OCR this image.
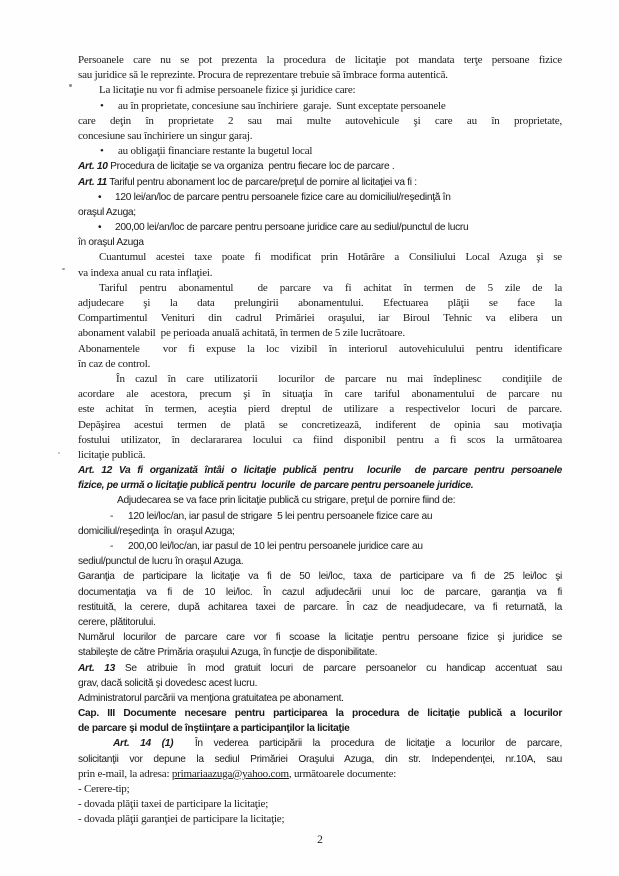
Persoanele care nu se pot prezenta la procedura de licitaţie pot mandata terţe persoane fizice
sau juridice să le reprezinte. Procura de reprezentare trebuie să îmbrace forma autentică.
La licitaţie nu vor fi admise persoanele fizice şi juridice care:
• au în proprietate, concesiune sau închiriere  garaje.  Sunt exceptate persoanele
care deţin în proprietate 2 sau mai multe autovehicule şi care au în proprietate,
concesiune sau închiriere un singur garaj.
• au obligaţii financiare restante la bugetul local
Art. 10 Procedura de licitaţie se va organiza  pentru fiecare loc de parcare .
Art. 11 Tariful pentru abonament loc de parcare/preţul de pornire al licitaţiei va fi :
• 120 lei/an/loc de parcare pentru persoanele fizice care au domiciliul/reşedinţă în
oraşul Azuga;
• 200,00 lei/an/loc de parcare pentru persoane juridice care au sediul/punctul de lucru
în oraşul Azuga
Cuantumul acestei taxe poate fi modificat prin Hotărâre a Consiliului Local Azuga şi se
va indexa anual cu rata inflaţiei.
Tariful pentru abonamentul  de parcare va fi achitat în termen de 5 zile de la
adjudecare şi la data prelungirii abonamentului. Efectuarea plăţii se face la
Compartimentul Venituri din cadrul Primăriei oraşului, iar Biroul Tehnic va elibera un
abonament valabil  pe perioada anuală achitată, în termen de 5 zile lucrătoare.
Abonamentele  vor fi expuse la loc vizibil în interiorul autovehiculului pentru identificare
în caz de control.
În cazul în care utilizatorii  locurilor de parcare nu mai îndeplinesc  condiţiile de
acordare ale acestora, precum şi în situaţia în care tariful abonamentului de parcare nu
este achitat în termen, aceştia pierd dreptul de utilizare a respectivelor locuri de parcare.
Depăşirea acestui termen de plată se concretizează, indiferent de opinia sau motivaţia
fostului utilizator, în declarararea locului ca fiind disponibil pentru a fi scos la următoarea
licitaţie publică.
Art. 12 Va fi organizată întâi o licitaţie publică pentru  locurile  de parcare pentru persoanele
fizice, pe urmă o licitaţie publică pentru  locurile  de parcare pentru persoanele juridice.
Adjudecarea se va face prin licitaţie publică cu strigare, preţul de pornire fiind de:
- 120 lei/loc/an, iar pasul de strigare  5 lei pentru persoanele fizice care au
domiciliul/reşedinţa  în  oraşul Azuga;
- 200,00 lei/loc/an, iar pasul de 10 lei pentru persoanele juridice care au
sediul/punctul de lucru în oraşul Azuga.
Garanţia de participare la licitaţie va fi de 50 lei/loc, taxa de participare va fi de 25 lei/loc şi
documentaţia va fi de 10 lei/loc. În cazul adjudecării unui loc de parcare, garanţia va fi
restituită, la cerere, după achitarea taxei de parcare. În caz de neadjudecare, va fi returnată, la
cerere, plătitorului.
Numărul locurilor de parcare care vor fi scoase la licitaţie pentru persoane fizice şi juridice se
stabileşte de către Primăria oraşului Azuga, în funcţie de disponibilitate.
Art. 13 Se atribuie în mod gratuit locuri de parcare persoanelor cu handicap accentuat sau
grav, dacă solicită şi dovedesc acest lucru.
Administratorul parcării va menţiona gratuitatea pe abonament.
Cap. III Documente necesare pentru participarea la procedura de licitaţie publică a locurilor
de parcare şi modul de înştiinţare a participanţilor la licitaţie
Art. 14 (1)  În vederea participării la procedura de licitaţie a locurilor de parcare,
solicitanţii vor depune la sediul Primăriei Oraşului Azuga, din str. Independenţei, nr.10A, sau
prin e-mail, la adresa: primariaazuga@yahoo.com, următoarele documente:
- Cerere-tip;
- dovada plăţii taxei de participare la licitaţie;
- dovada plăţii garanţiei de participare la licitaţie;
2
